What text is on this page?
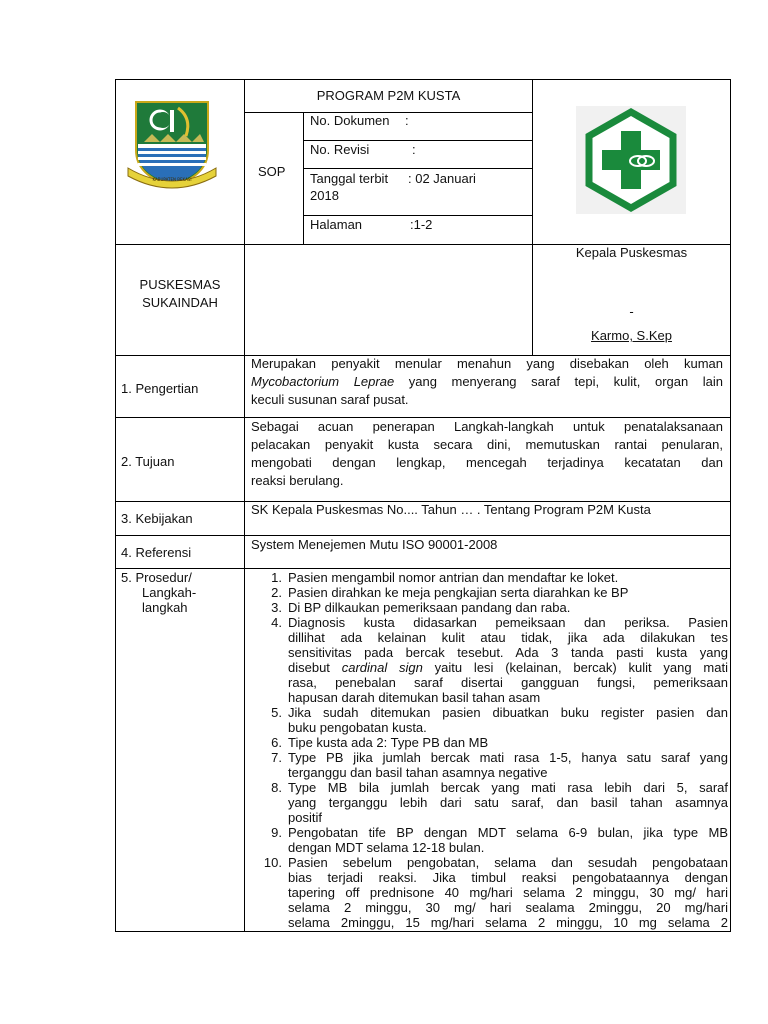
KABUPATEN BEKASI
PROGRAM P2M KUSTA
SOP
No. Dokumen :
No. Revisi	:
Tanggal terbit : 02 Januari
2018
Halaman	:1-2
PUSKESMAS
SUKAINDAH
Kepala Puskesmas
-
Karmo, S.Kep
1. Pengertian
Merupakan penyakit menular menahun yang disebakan oleh kuman
Mycobactorium Leprae yang menyerang saraf tepi, kulit, organ lain
keculi susunan saraf pusat.
2. Tujuan
Sebagai acuan penerapan Langkah-langkah untuk penatalaksanaan
pelacakan penyakit kusta secara dini, memutuskan rantai penularan,
mengobati dengan lengkap, mencegah terjadinya kecatatan dan
reaksi berulang.
3. Kebijakan
SK Kepala Puskesmas No.... Tahun … . Tentang Program P2M Kusta
4. Referensi
System Menejemen Mutu ISO 90001-2008
5. Prosedur/
Langkah-
langkah
1. Pasien mengambil nomor antrian dan mendaftar ke loket.
2. Pasien dirahkan ke meja pengkajian serta diarahkan ke BP
3. Di BP dilkaukan pemeriksaan pandang dan raba.
4. Diagnosis kusta didasarkan pemeiksaan dan periksa. Pasien
dillihat ada kelainan kulit atau tidak, jika ada dilakukan tes
sensitivitas pada bercak tesebut. Ada 3 tanda pasti kusta yang
disebut cardinal sign yaitu lesi (kelainan, bercak) kulit yang mati
rasa, penebalan saraf disertai gangguan fungsi, pemeriksaan
hapusan darah ditemukan basil tahan asam
5. Jika sudah ditemukan pasien dibuatkan buku register pasien dan
buku pengobatan kusta.
6. Tipe kusta ada 2: Type PB dan MB
7. Type PB jika jumlah bercak mati rasa 1-5, hanya satu saraf yang
terganggu dan basil tahan asamnya negative
8. Type MB bila jumlah bercak yang mati rasa lebih dari 5, saraf
yang terganggu lebih dari satu saraf, dan basil tahan asamnya
positif
9. Pengobatan tife BP dengan MDT selama 6-9 bulan, jika type MB
dengan MDT selama 12-18 bulan.
10. Pasien sebelum pengobatan, selama dan sesudah pengobataan
bias terjadi reaksi. Jika timbul reaksi pengobataannya dengan
tapering off prednisone 40 mg/hari selama 2 minggu, 30 mg/ hari
selama 2 minggu, 30 mg/ hari sealama 2minggu, 20 mg/hari
selama 2minggu, 15 mg/hari selama 2 minggu, 10 mg selama 2
